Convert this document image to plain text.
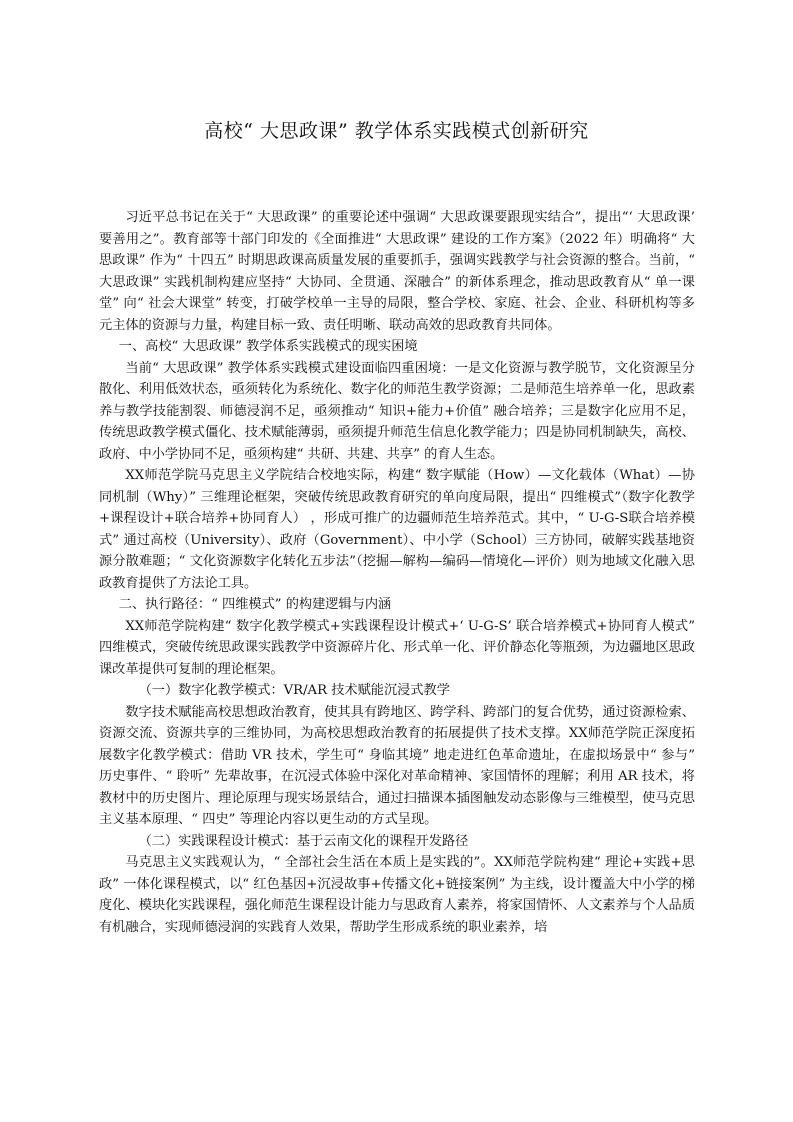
高校“ 大思政课” 教学体系实践模式创新研究

习近平总书记在关于“ 大思政课” 的重要论述中强调“ 大思政课要跟现实结合”，提出“‘ 大思政课’ 要善用之”。教育部等十部门印发的《全面推进“ 大思政课” 建设的工作方案》（2022 年）明确将“ 大思政课” 作为“ 十四五” 时期思政课高质量发展的重要抓手，强调实践教学与社会资源的整合。当前，“ 大思政课” 实践机制构建应坚持“ 大协同、全贯通、深融合” 的新体系理念，推动思政教育从“ 单一课堂” 向“ 社会大课堂” 转变，打破学校单一主导的局限，整合学校、家庭、社会、企业、科研机构等多元主体的资源与力量，构建目标一致、责任明晰、联动高效的思政教育共同体。

一、高校“ 大思政课” 教学体系实践模式的现实困境

当前“ 大思政课” 教学体系实践模式建设面临四重困境：一是文化资源与教学脱节，文化资源呈分散化、利用低效状态，亟须转化为系统化、数字化的师范生教学资源；二是师范生培养单一化，思政素养与教学技能割裂、师德浸润不足，亟须推动“ 知识+能力+价值” 融合培养；三是数字化应用不足，传统思政教学模式僵化、技术赋能薄弱，亟须提升师范生信息化教学能力；四是协同机制缺失，高校、政府、中小学协同不足，亟须构建“ 共研、共建、共享” 的育人生态。

XX师范学院马克思主义学院结合校地实际，构建“ 数字赋能（How）—文化载体（What）—协同机制（Why）” 三维理论框架，突破传统思政教育研究的单向度局限，提出“ 四维模式”（数字化教学+课程设计+联合培养+协同育人） ，形成可推广的边疆师范生培养范式。其中，“ U-G-S联合培养模式” 通过高校（University）、政府（Government）、中小学（School）三方协同，破解实践基地资源分散难题；“ 文化资源数字化转化五步法”（挖掘—解构—编码—情境化—评价）则为地域文化融入思政教育提供了方法论工具。

二、执行路径：“ 四维模式” 的构建逻辑与内涵

XX师范学院构建“ 数字化教学模式+实践课程设计模式+‘ U-G-S’ 联合培养模式+协同育人模式” 四维模式，突破传统思政课实践教学中资源碎片化、形式单一化、评价静态化等瓶颈，为边疆地区思政课改革提供可复制的理论框架。

（一）数字化教学模式：VR/AR 技术赋能沉浸式教学

数字技术赋能高校思想政治教育，使其具有跨地区、跨学科、跨部门的复合优势，通过资源检索、资源交流、资源共享的三维协同，为高校思想政治教育的拓展提供了技术支撑。XX师范学院正深度拓展数字化教学模式：借助 VR 技术，学生可“ 身临其境” 地走进红色革命遗址，在虚拟场景中“ 参与” 历史事件、“ 聆听” 先辈故事，在沉浸式体验中深化对革命精神、家国情怀的理解；利用 AR 技术，将教材中的历史图片、理论原理与现实场景结合，通过扫描课本插图触发动态影像与三维模型，使马克思主义基本原理、“ 四史” 等理论内容以更生动的方式呈现。

（二）实践课程设计模式：基于云南文化的课程开发路径

马克思主义实践观认为，“ 全部社会生活在本质上是实践的”。XX师范学院构建“ 理论+实践+思政” 一体化课程模式，以“ 红色基因+沉浸故事+传播文化+链接案例” 为主线，设计覆盖大中小学的梯度化、模块化实践课程，强化师范生课程设计能力与思政育人素养，将家国情怀、人文素养与个人品质有机融合，实现师德浸润的实践育人效果，帮助学生形成系统的职业素养，培
